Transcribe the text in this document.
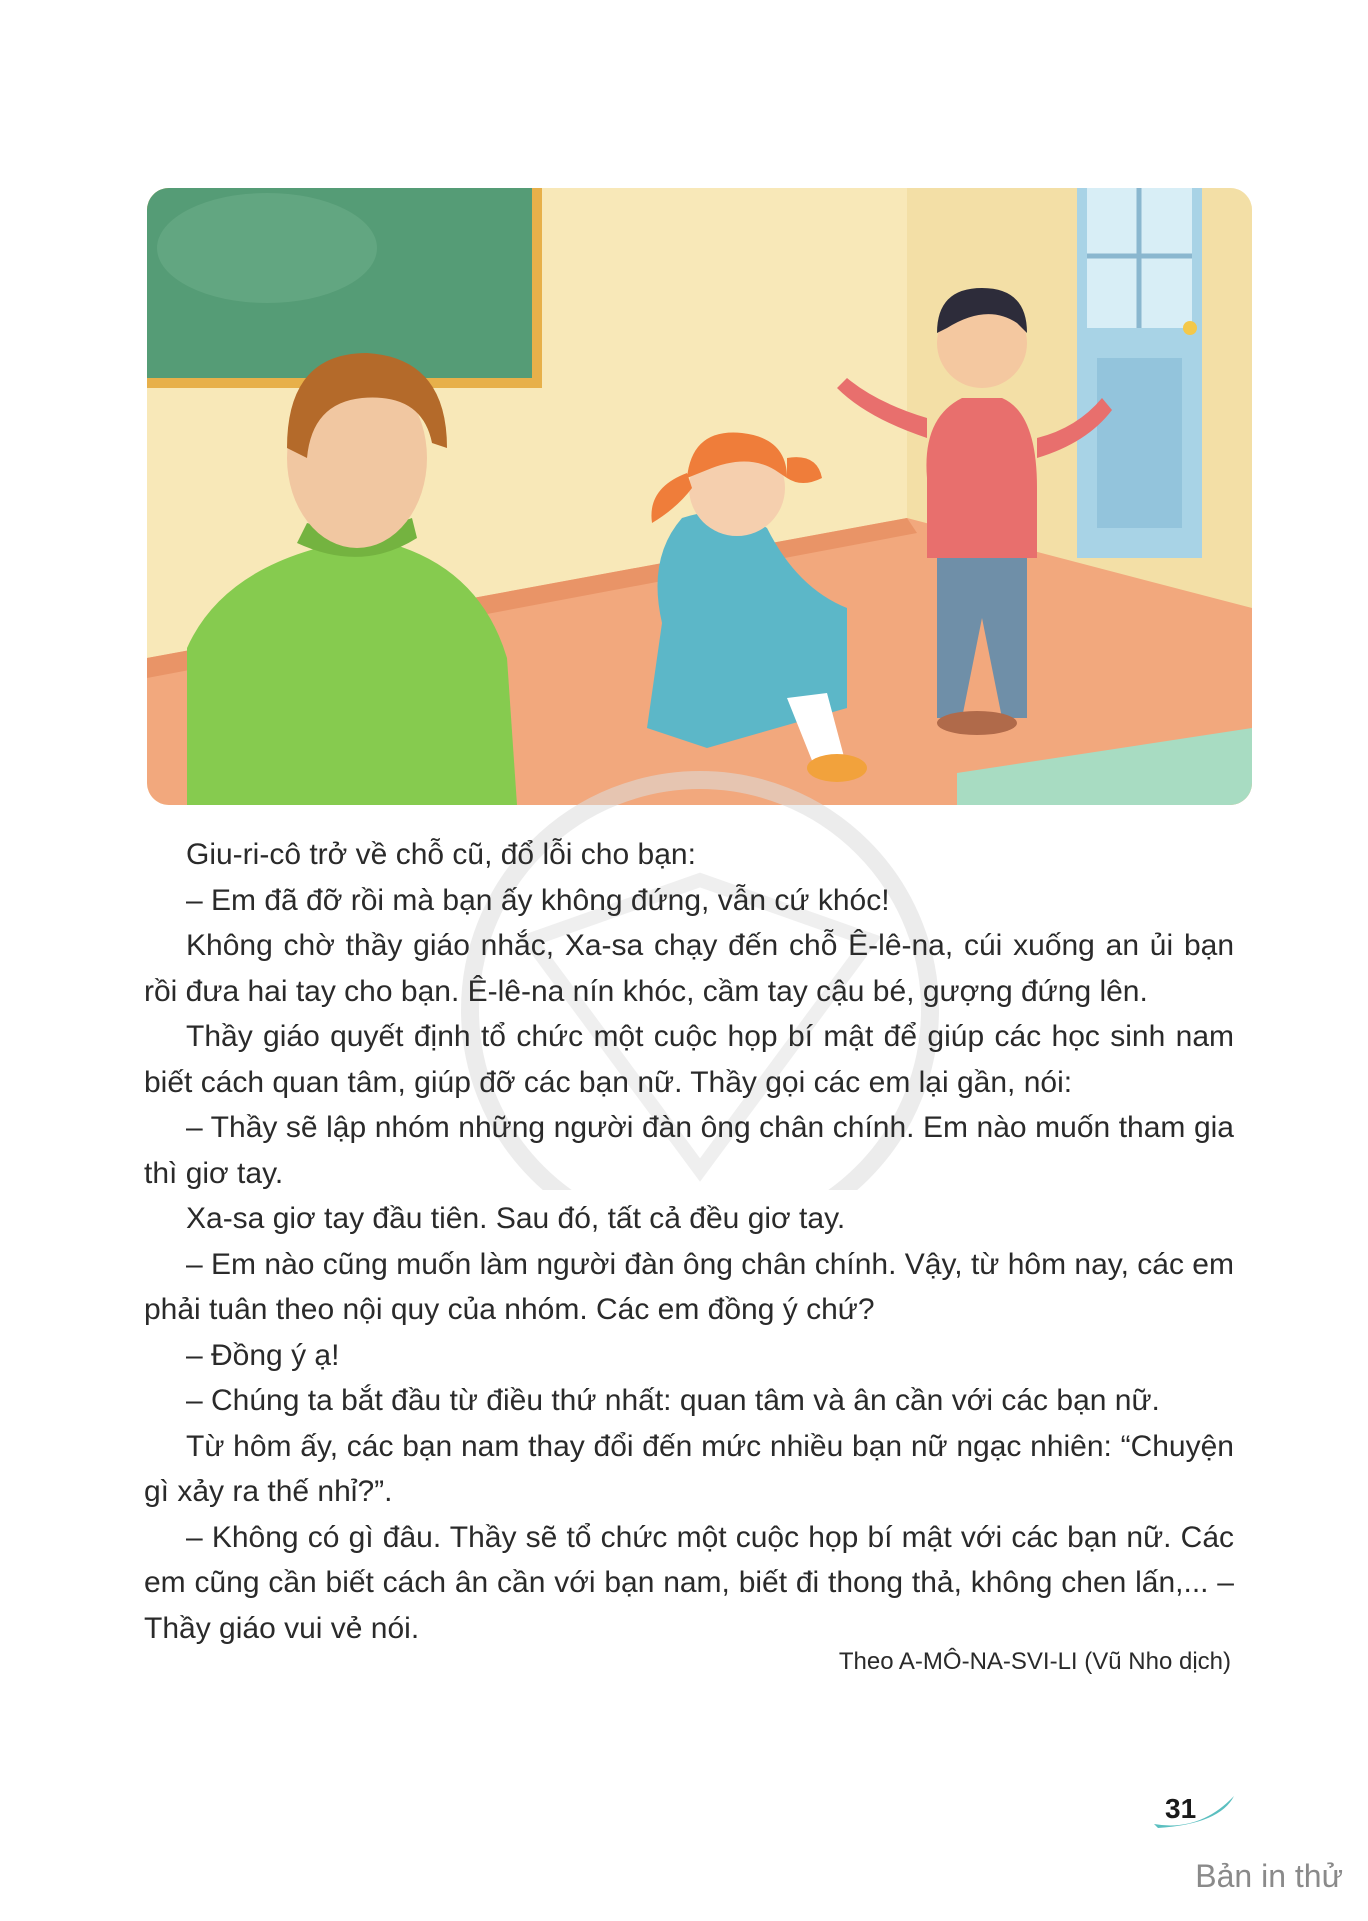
Giu-ri-cô trở về chỗ cũ, đổ lỗi cho bạn:

– Em đã đỡ rồi mà bạn ấy không đứng, vẫn cứ khóc!

Không chờ thầy giáo nhắc, Xa-sa chạy đến chỗ Ê-lê-na, cúi xuống an ủi bạn rồi đưa hai tay cho bạn. Ê-lê-na nín khóc, cầm tay cậu bé, gượng đứng lên.

Thầy giáo quyết định tổ chức một cuộc họp bí mật để giúp các học sinh nam biết cách quan tâm, giúp đỡ các bạn nữ. Thầy gọi các em lại gần, nói:

– Thầy sẽ lập nhóm những người đàn ông chân chính. Em nào muốn tham gia thì giơ tay.

Xa-sa giơ tay đầu tiên. Sau đó, tất cả đều giơ tay.

– Em nào cũng muốn làm người đàn ông chân chính. Vậy, từ hôm nay, các em phải tuân theo nội quy của nhóm. Các em đồng ý chứ?

– Đồng ý ạ!

– Chúng ta bắt đầu từ điều thứ nhất: quan tâm và ân cần với các bạn nữ.

Từ hôm ấy, các bạn nam thay đổi đến mức nhiều bạn nữ ngạc nhiên: “Chuyện gì xảy ra thế nhỉ?”.

– Không có gì đâu. Thầy sẽ tổ chức một cuộc họp bí mật với các bạn nữ. Các em cũng cần biết cách ân cần với bạn nam, biết đi thong thả, không chen lấn,... – Thầy giáo vui vẻ nói.

Theo A-MÔ-NA-SVI-LI (Vũ Nho dịch)
31
Bản in thử
